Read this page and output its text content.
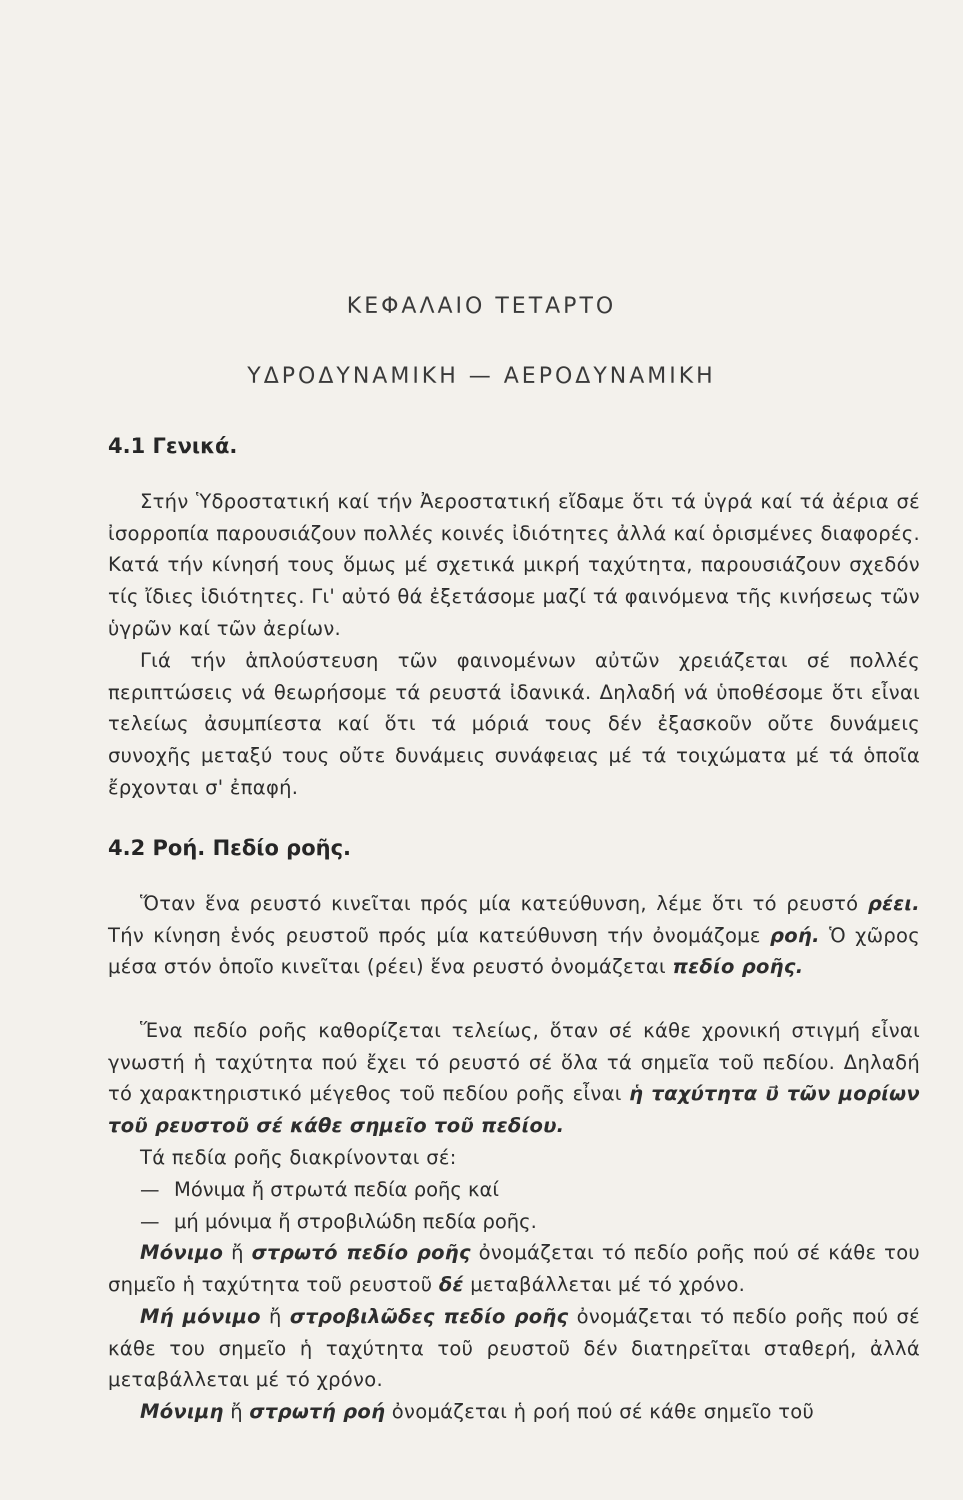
ΚΕΦΑΛΑΙΟ ΤΕΤΑΡΤΟ
ΥΔΡΟΔΥΝΑΜΙΚΗ — ΑΕΡΟΔΥΝΑΜΙΚΗ
4.1 Γενικά.
Στήν Ὑδροστατική καί τήν Ἀεροστατική εἴδαμε ὅτι τά ὑγρά καί τά ἀέρια σέ ἰσορροπία παρουσιάζουν πολλές κοινές ἰδιότητες ἀλλά καί ὁρισμένες διαφορές. Κατά τήν κίνησή τους ὅμως μέ σχετικά μικρή ταχύτητα, παρουσιάζουν σχεδόν τίς ἴδιες ἰδιότητες. Γι' αὐτό θά ἐξετάσομε μαζί τά φαινόμενα τῆς κινήσεως τῶν ὑγρῶν καί τῶν ἀερίων.
Γιά τήν ἁπλούστευση τῶν φαινομένων αὐτῶν χρειάζεται σέ πολλές περιπτώσεις νά θεωρήσομε τά ρευστά ἰδανικά. Δηλαδή νά ὑποθέσομε ὅτι εἶναι τελείως ἀσυμπίεστα καί ὅτι τά μόριά τους δέν ἐξασκοῦν οὔτε δυνάμεις συνοχῆς μεταξύ τους οὔτε δυνάμεις συνάφειας μέ τά τοιχώματα μέ τά ὁποῖα ἔρχονται σ' ἐπαφή.
4.2 Ροή. Πεδίο ροῆς.
Ὅταν ἕνα ρευστό κινεῖται πρός μία κατεύθυνση, λέμε ὅτι τό ρευστό ρέει. Τήν κίνηση ἑνός ρευστοῦ πρός μία κατεύθυνση τήν ὀνομάζομε ροή. Ὁ χῶρος μέσα στόν ὁποῖο κινεῖται (ρέει) ἕνα ρευστό ὀνομάζεται πεδίο ροῆς.
Ἕνα πεδίο ροῆς καθορίζεται τελείως, ὅταν σέ κάθε χρονική στιγμή εἶναι γνωστή ἡ ταχύτητα πού ἔχει τό ρευστό σέ ὅλα τά σημεῖα τοῦ πεδίου. Δηλαδή τό χαρακτηριστικό μέγεθος τοῦ πεδίου ροῆς εἶναι ἡ ταχύτητα υ⃗ τῶν μορίων τοῦ ρευστοῦ σέ κάθε σημεῖο τοῦ πεδίου.
Τά πεδία ροῆς διακρίνονται σέ:
— Μόνιμα ἤ στρωτά πεδία ροῆς καί
— μή μόνιμα ἤ στροβιλώδη πεδία ροῆς.
Μόνιμο ἤ στρωτό πεδίο ροῆς ὀνομάζεται τό πεδίο ροῆς πού σέ κάθε του σημεῖο ἡ ταχύτητα τοῦ ρευστοῦ δέ μεταβάλλεται μέ τό χρόνο.
Μή μόνιμο ἤ στροβιλῶδες πεδίο ροῆς ὀνομάζεται τό πεδίο ροῆς πού σέ κάθε του σημεῖο ἡ ταχύτητα τοῦ ρευστοῦ δέν διατηρεῖται σταθερή, ἀλλά μεταβάλλεται μέ τό χρόνο.
Μόνιμη ἤ στρωτή ροή ὀνομάζεται ἡ ροή πού σέ κάθε σημεῖο τοῦ
